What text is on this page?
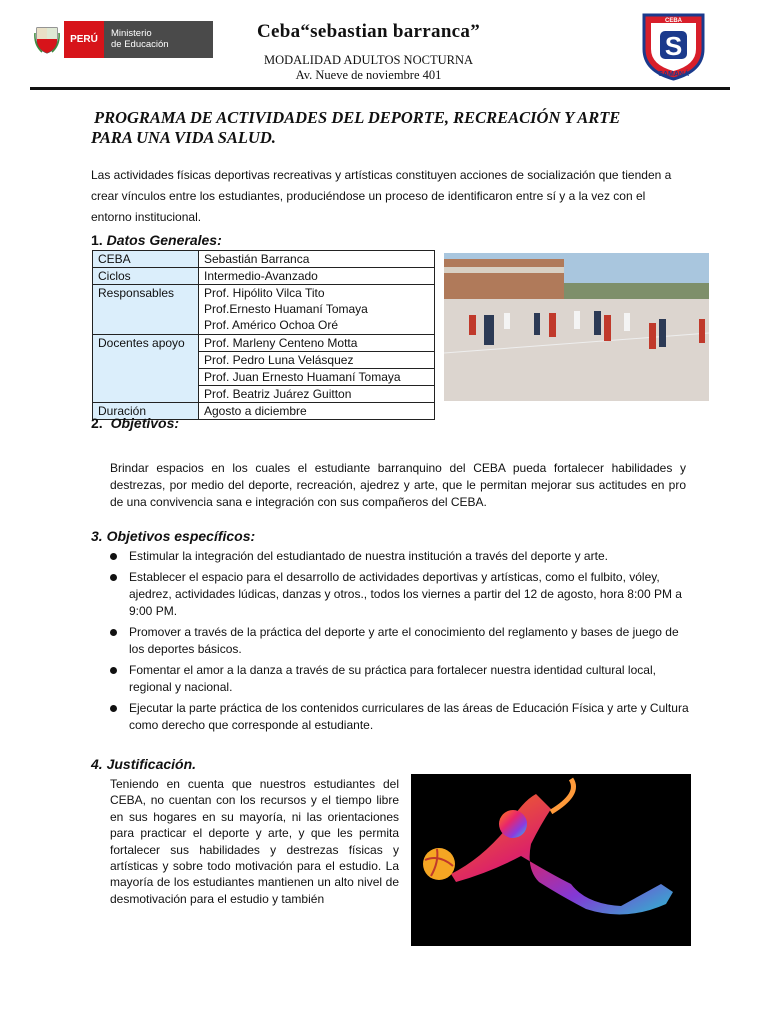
PERÚ
Ministerio
de Educación
Ceba“sebastian barranca”
MODALIDAD ADULTOS NOCTURNA
Av. Nueve de noviembre 401
CEBA
S
CAMANÁ
PROGRAMA DE ACTIVIDADES DEL DEPORTE, RECREACIÓN Y ARTE
PARA UNA VIDA SALUD.
Las actividades físicas deportivas recreativas y artísticas constituyen acciones de socialización que tienden a crear vínculos entre los estudiantes, produciéndose un proceso de identificaron entre sí y a la vez con el entorno institucional.
1. Datos Generales:
CEBA	Sebastián Barranca
Ciclos	Intermedio-Avanzado
Responsables	Prof. Hipólito Vilca Tito
Prof.Ernesto Huamaní Tomaya
Prof. Américo Ochoa Oré

Docentes apoyo	Prof. Marleny Centeno Motta
	Prof. Pedro Luna Velásquez
	Prof. Juan Ernesto Huamaní Tomaya
	Prof. Beatriz Juárez Guitton
Duración	Agosto a diciembre
2. Objetivos:
Brindar espacios en los cuales el estudiante barranquino del CEBA pueda fortalecer habilidades y destrezas, por medio del deporte, recreación, ajedrez y arte, que le permitan mejorar sus actitudes en pro de una convivencia sana e integración con sus compañeros del CEBA.
3. Objetivos específicos:
Estimular la integración del estudiantado de nuestra institución a través del deporte y arte.
Establecer el espacio para el desarrollo de actividades deportivas y artísticas, como el fulbito, vóley, ajedrez, actividades lúdicas, danzas y otros., todos los viernes a partir del 12 de agosto, hora 8:00 PM a 9:00 PM.
Promover a través de la práctica del deporte y arte el conocimiento del reglamento y bases de juego de los deportes básicos.
Fomentar el amor a la danza a través de su práctica para fortalecer nuestra identidad cultural local, regional y nacional.
Ejecutar la parte práctica de los contenidos curriculares de las áreas de Educación Física y arte y Cultura como derecho que corresponde al estudiante.
4. Justificación.
Teniendo en cuenta que nuestros estudiantes del CEBA, no cuentan con los recursos y el tiempo libre en sus hogares en su mayoría, ni las orientaciones para practicar el deporte y arte, y que les permita fortalecer sus habilidades y destrezas físicas y artísticas y sobre todo motivación para el estudio. La mayoría de los estudiantes mantienen un alto nivel de desmotivación para el estudio y también
